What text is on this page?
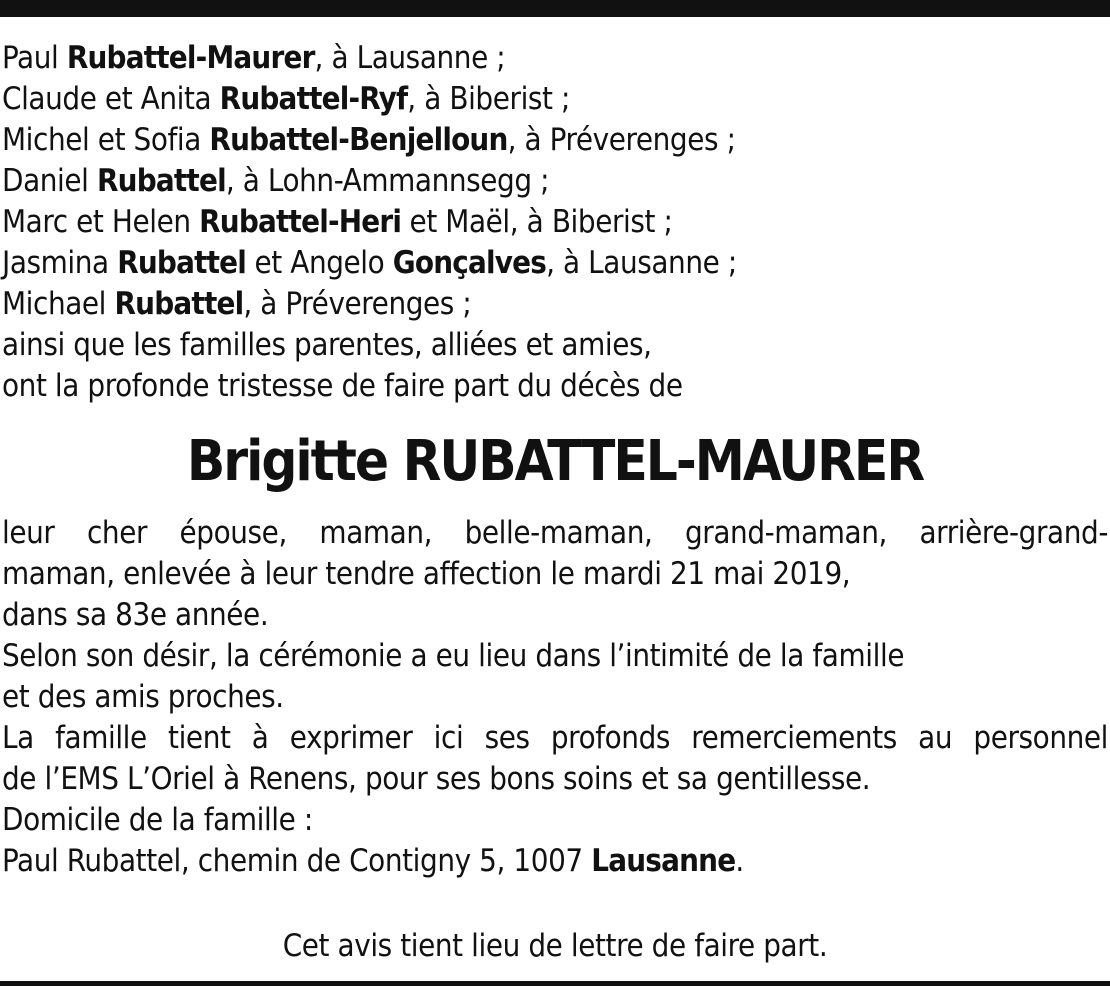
Paul Rubattel-Maurer, à Lausanne ;
Claude et Anita Rubattel-Ryf, à Biberist ;
Michel et Sofia Rubattel-Benjelloun, à Préverenges ;
Daniel Rubattel, à Lohn-Ammannsegg ;
Marc et Helen Rubattel-Heri et Maël, à Biberist ;
Jasmina Rubattel et Angelo Gonçalves, à Lausanne ;
Michael Rubattel, à Préverenges ;
ainsi que les familles parentes, alliées et amies,
ont la profonde tristesse de faire part du décès de
Brigitte RUBATTEL-MAURER
leur cher épouse, maman, belle-maman, grand-maman, arrière-grand-
maman, enlevée à leur tendre affection le mardi 21 mai 2019,
dans sa 83e année.
Selon son désir, la cérémonie a eu lieu dans l’intimité de la famille
et des amis proches.
La famille tient à exprimer ici ses profonds remerciements au personnel
de l’EMS L’Oriel à Renens, pour ses bons soins et sa gentillesse.
Domicile de la famille :
Paul Rubattel, chemin de Contigny 5, 1007 Lausanne.
Cet avis tient lieu de lettre de faire part.
